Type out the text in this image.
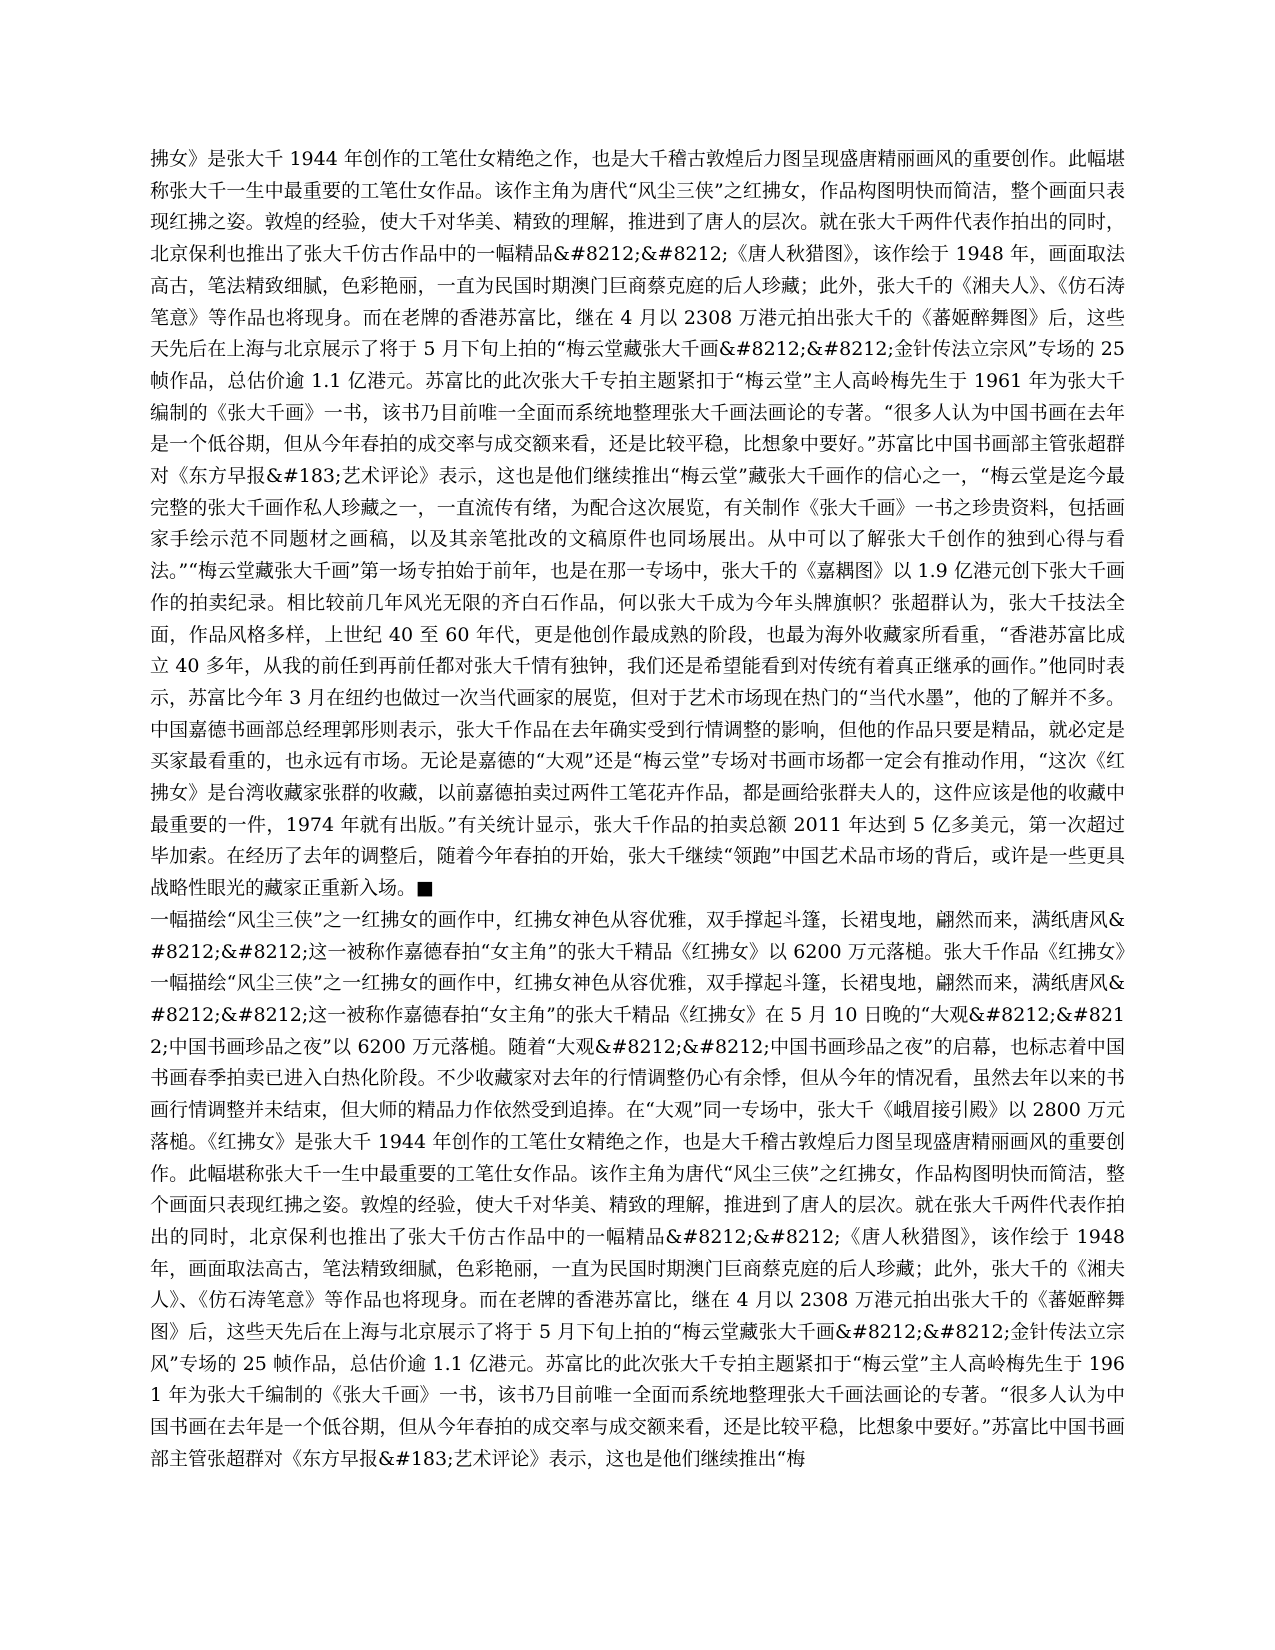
拂女》是张大千 1944 年创作的工笔仕女精绝之作，也是大千稽古敦煌后力图呈现盛唐精丽画风的重要创作。此幅堪称张大千一生中最重要的工笔仕女作品。该作主角为唐代“风尘三侠”之红拂女，作品构图明快而简洁，整个画面只表现红拂之姿。敦煌的经验，使大千对华美、精致的理解，推进到了唐人的层次。就在张大千两件代表作拍出的同时，北京保利也推出了张大千仿古作品中的一幅精品&#8212;&#8212;《唐人秋猎图》，该作绘于 1948 年，画面取法高古，笔法精致细腻，色彩艳丽，一直为民国时期澳门巨商蔡克庭的后人珍藏；此外，张大千的《湘夫人》、《仿石涛笔意》等作品也将现身。而在老牌的香港苏富比，继在 4 月以 2308 万港元拍出张大千的《蕃姬醉舞图》后，这些天先后在上海与北京展示了将于 5 月下旬上拍的“梅云堂藏张大千画&#8212;&#8212;金针传法立宗风”专场的 25 帧作品，总估价逾 1.1 亿港元。苏富比的此次张大千专拍主题紧扣于“梅云堂”主人高岭梅先生于 1961 年为张大千编制的《张大千画》一书，该书乃目前唯一全面而系统地整理张大千画法画论的专著。“很多人认为中国书画在去年是一个低谷期，但从今年春拍的成交率与成交额来看，还是比较平稳，比想象中要好。”苏富比中国书画部主管张超群对《东方早报&#183;艺术评论》表示，这也是他们继续推出“梅云堂”藏张大千画作的信心之一，“梅云堂是迄今最完整的张大千画作私人珍藏之一，一直流传有绪，为配合这次展览，有关制作《张大千画》一书之珍贵资料，包括画家手绘示范不同题材之画稿，以及其亲笔批改的文稿原件也同场展出。从中可以了解张大千创作的独到心得与看法。”“梅云堂藏张大千画”第一场专拍始于前年，也是在那一专场中，张大千的《嘉耦图》以 1.9 亿港元创下张大千画作的拍卖纪录。相比较前几年风光无限的齐白石作品，何以张大千成为今年头牌旗帜？张超群认为，张大千技法全面，作品风格多样，上世纪 40 至 60 年代，更是他创作最成熟的阶段，也最为海外收藏家所看重，“香港苏富比成立 40 多年，从我的前任到再前任都对张大千情有独钟，我们还是希望能看到对传统有着真正继承的画作。”他同时表示，苏富比今年 3 月在纽约也做过一次当代画家的展览，但对于艺术市场现在热门的“当代水墨”，他的了解并不多。中国嘉德书画部总经理郭彤则表示，张大千作品在去年确实受到行情调整的影响，但他的作品只要是精品，就必定是买家最看重的，也永远有市场。无论是嘉德的“大观”还是“梅云堂”专场对书画市场都一定会有推动作用，“这次《红拂女》是台湾收藏家张群的收藏，以前嘉德拍卖过两件工笔花卉作品，都是画给张群夫人的，这件应该是他的收藏中最重要的一件，1974 年就有出版。”有关统计显示，张大千作品的拍卖总额 2011 年达到 5 亿多美元，第一次超过毕加索。在经历了去年的调整后，随着今年春拍的开始，张大千继续“领跑”中国艺术品市场的背后，或许是一些更具战略性眼光的藏家正重新入场。■

一幅描绘“风尘三侠”之一红拂女的画作中，红拂女神色从容优雅，双手撑起斗篷，长裙曳地，翩然而来，满纸唐风&#8212;&#8212;这一被称作嘉德春拍“女主角”的张大千精品《红拂女》以 6200 万元落槌。张大千作品《红拂女》一幅描绘“风尘三侠”之一红拂女的画作中，红拂女神色从容优雅，双手撑起斗篷，长裙曳地，翩然而来，满纸唐风&#8212;&#8212;这一被称作嘉德春拍“女主角”的张大千精品《红拂女》在 5 月 10 日晚的“大观&#8212;&#8212;中国书画珍品之夜”以 6200 万元落槌。随着“大观&#8212;&#8212;中国书画珍品之夜”的启幕，也标志着中国书画春季拍卖已进入白热化阶段。不少收藏家对去年的行情调整仍心有余悸，但从今年的情况看，虽然去年以来的书画行情调整并未结束，但大师的精品力作依然受到追捧。在“大观”同一专场中，张大千《峨眉接引殿》以 2800 万元落槌。《红拂女》是张大千 1944 年创作的工笔仕女精绝之作，也是大千稽古敦煌后力图呈现盛唐精丽画风的重要创作。此幅堪称张大千一生中最重要的工笔仕女作品。该作主角为唐代“风尘三侠”之红拂女，作品构图明快而简洁，整个画面只表现红拂之姿。敦煌的经验，使大千对华美、精致的理解，推进到了唐人的层次。就在张大千两件代表作拍出的同时，北京保利也推出了张大千仿古作品中的一幅精品&#8212;&#8212;《唐人秋猎图》，该作绘于 1948 年，画面取法高古，笔法精致细腻，色彩艳丽，一直为民国时期澳门巨商蔡克庭的后人珍藏；此外，张大千的《湘夫人》、《仿石涛笔意》等作品也将现身。而在老牌的香港苏富比，继在 4 月以 2308 万港元拍出张大千的《蕃姬醉舞图》后，这些天先后在上海与北京展示了将于 5 月下旬上拍的“梅云堂藏张大千画&#8212;&#8212;金针传法立宗风”专场的 25 帧作品，总估价逾 1.1 亿港元。苏富比的此次张大千专拍主题紧扣于“梅云堂”主人高岭梅先生于 1961 年为张大千编制的《张大千画》一书，该书乃目前唯一全面而系统地整理张大千画法画论的专著。“很多人认为中国书画在去年是一个低谷期，但从今年春拍的成交率与成交额来看，还是比较平稳，比想象中要好。”苏富比中国书画部主管张超群对《东方早报&#183;艺术评论》表示，这也是他们继续推出“梅
